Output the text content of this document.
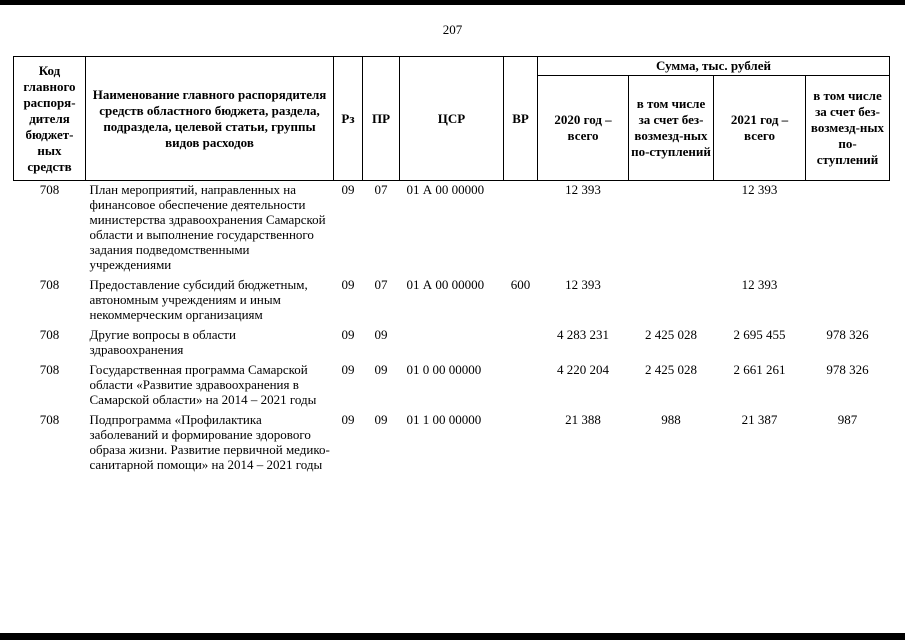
207
Код главного распоря-дителя бюджет-ных средств	Наименование главного распорядителя средств областного бюджета, раздела, подраздела, целевой статьи, группы видов расходов	Рз	ПР	ЦСР	ВР	Сумма, тыс. рублей			
						2020 год – всего	в том числе за счет без-возмезд-ных по-ступлений	2021 год – всего	в том числе за счет без-возмезд-ных по-ступлений
708	План мероприятий, направленных на финансовое обеспечение деятельности министерства здравоохранения Самарской области и выполнение государственного задания подведомственными учреждениями	09	07	01 А 00 00000		12 393		12 393	
708	Предоставление субсидий бюджетным, автономным учреждениям и иным некоммерческим организациям	09	07	01 А 00 00000	600	12 393		12 393	
708	Другие вопросы в области здравоохранения	09	09			4 283 231	2 425 028	2 695 455	978 326
708	Государственная программа Самарской области «Развитие здравоохранения в Самарской области» на 2014 – 2021 годы	09	09	01 0 00 00000		4 220 204	2 425 028	2 661 261	978 326
708	Подпрограмма «Профилактика заболеваний и формирование здорового образа жизни. Развитие первичной медико-санитарной помощи» на 2014 – 2021 годы	09	09	01 1 00 00000		21 388	988	21 387	987
